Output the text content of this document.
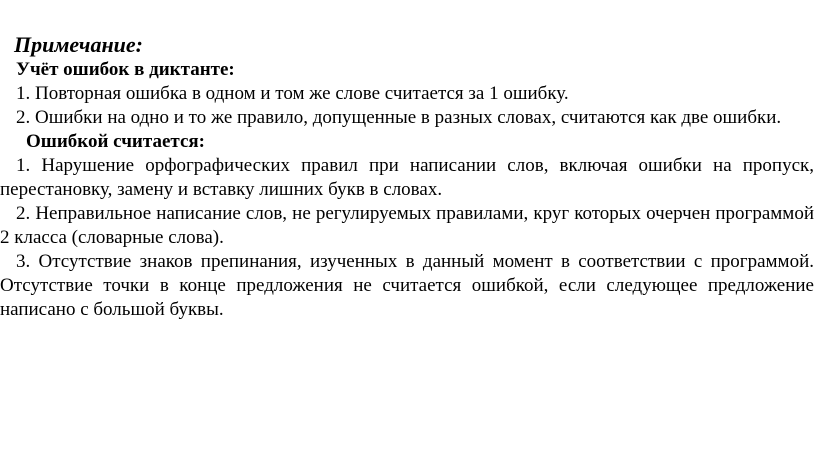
Примечание:
Учёт ошибок в диктанте:

1. Повторная ошибка в одном и том же слове считается за 1 ошибку.

2. Ошибки на одно и то же правило, допущенные в разных словах, считаются как две ошибки.

Ошибкой считается:

1. Нарушение орфографических правил при написании слов, включая ошибки на пропуск, перестановку, замену и вставку лишних букв в словах.

2. Неправильное написание слов, не регулируемых правилами, круг которых очерчен программой 2 класса (словарные слова).

3. Отсутствие знаков препинания, изученных в данный момент в соответствии с программой. Отсутствие точки в конце предложения не считается ошибкой, если следующее предложение написано с большой буквы.
